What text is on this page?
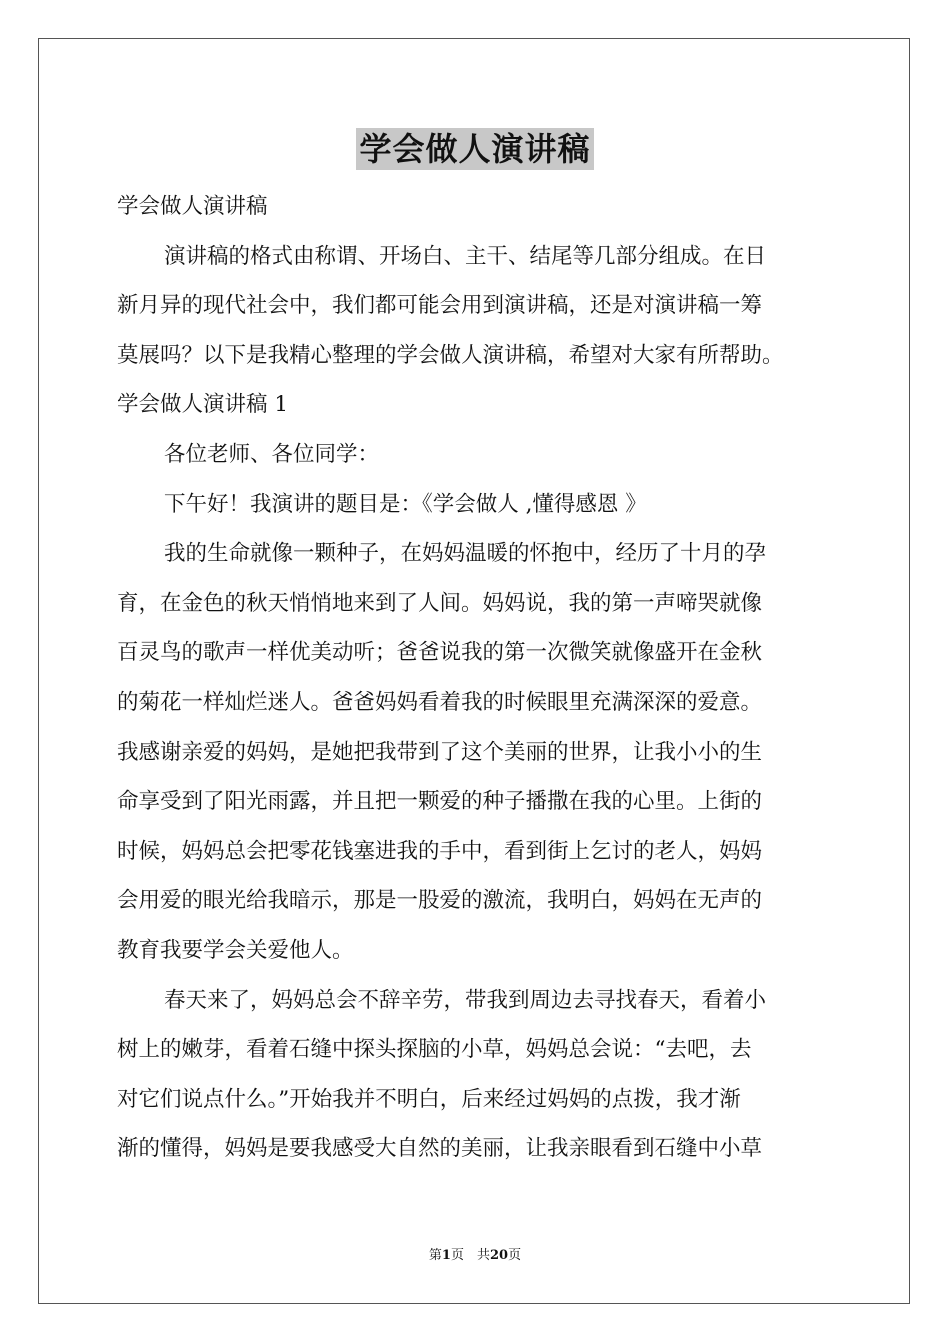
学会做人演讲稿

学会做人演讲稿

演讲稿的格式由称谓、开场白、主干、结尾等几部分组成。在日

新月异的现代社会中，我们都可能会用到演讲稿，还是对演讲稿一筹

莫展吗？以下是我精心整理的学会做人演讲稿，希望对大家有所帮助。

学会做人演讲稿 1

各位老师、各位同学：

下午好！我演讲的题目是：《学会做人 ,懂得感恩 》

我的生命就像一颗种子，在妈妈温暖的怀抱中，经历了十月的孕

育，在金色的秋天悄悄地来到了人间。妈妈说，我的第一声啼哭就像

百灵鸟的歌声一样优美动听；爸爸说我的第一次微笑就像盛开在金秋

的菊花一样灿烂迷人。爸爸妈妈看着我的时候眼里充满深深的爱意。

我感谢亲爱的妈妈，是她把我带到了这个美丽的世界，让我小小的生

命享受到了阳光雨露，并且把一颗爱的种子播撒在我的心里。上街的

时候，妈妈总会把零花钱塞进我的手中，看到街上乞讨的老人，妈妈

会用爱的眼光给我暗示，那是一股爱的激流，我明白，妈妈在无声的

教育我要学会关爱他人。

春天来了，妈妈总会不辞辛劳，带我到周边去寻找春天，看着小

树上的嫩芽，看着石缝中探头探脑的小草，妈妈总会说：“去吧，去

对它们说点什么。”开始我并不明白，后来经过妈妈的点拨，我才渐

渐的懂得，妈妈是要我感受大自然的美丽，让我亲眼看到石缝中小草

第1页　共20页
